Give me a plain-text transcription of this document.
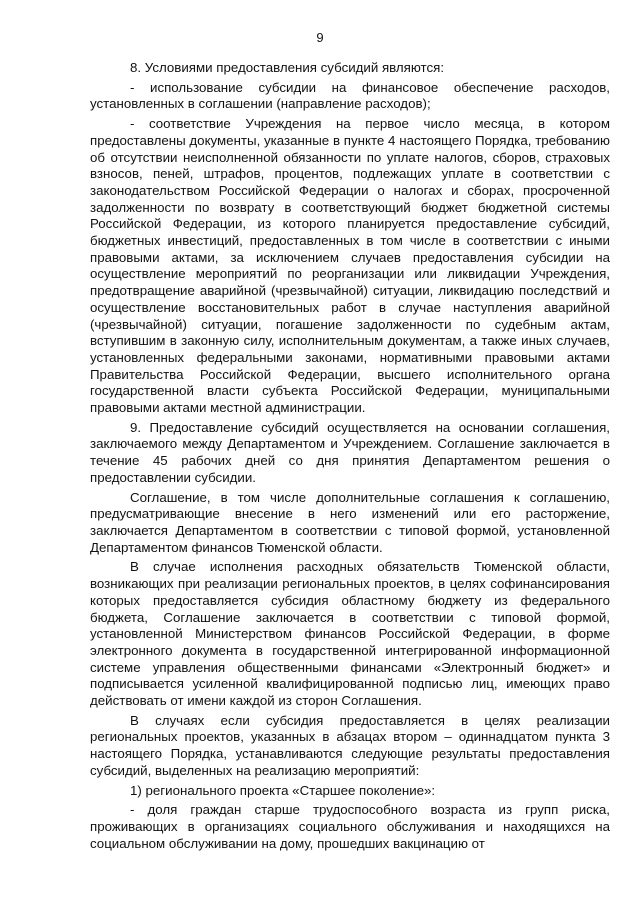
9

8. Условиями предоставления субсидий являются:

- использование субсидии на финансовое обеспечение расходов, установленных в соглашении (направление расходов);

- соответствие Учреждения на первое число месяца, в котором предоставлены документы, указанные в пункте 4 настоящего Порядка, требованию об отсутствии неисполненной обязанности по уплате налогов, сборов, страховых взносов, пеней, штрафов, процентов, подлежащих уплате в соответствии с законодательством Российской Федерации о налогах и сборах, просроченной задолженности по возврату в соответствующий бюджет бюджетной системы Российской Федерации, из которого планируется предоставление субсидий, бюджетных инвестиций, предоставленных в том числе в соответствии с иными правовыми актами, за исключением случаев предоставления субсидии на осуществление мероприятий по реорганизации или ликвидации Учреждения, предотвращение аварийной (чрезвычайной) ситуации, ликвидацию последствий и осуществление восстановительных работ в случае наступления аварийной (чрезвычайной) ситуации, погашение задолженности по судебным актам, вступившим в законную силу, исполнительным документам, а также иных случаев, установленных федеральными законами, нормативными правовыми актами Правительства Российской Федерации, высшего исполнительного органа государственной власти субъекта Российской Федерации, муниципальными правовыми актами местной администрации.

9. Предоставление субсидий осуществляется на основании соглашения, заключаемого между Департаментом и Учреждением. Соглашение заключается в течение 45 рабочих дней со дня принятия Департаментом решения о предоставлении субсидии.

Соглашение, в том числе дополнительные соглашения к соглашению, предусматривающие внесение в него изменений или его расторжение, заключается Департаментом в соответствии с типовой формой, установленной Департаментом финансов Тюменской области.

В случае исполнения расходных обязательств Тюменской области, возникающих при реализации региональных проектов, в целях софинансирования которых предоставляется субсидия областному бюджету из федерального бюджета, Соглашение заключается в соответствии с типовой формой, установленной Министерством финансов Российской Федерации, в форме электронного документа в государственной интегрированной информационной системе управления общественными финансами «Электронный бюджет» и подписывается усиленной квалифицированной подписью лиц, имеющих право действовать от имени каждой из сторон Соглашения.

В случаях если субсидия предоставляется в целях реализации региональных проектов, указанных в абзацах втором – одиннадцатом пункта 3 настоящего Порядка, устанавливаются следующие результаты предоставления субсидий, выделенных на реализацию мероприятий:

1) регионального проекта «Старшее поколение»:

- доля граждан старше трудоспособного возраста из групп риска, проживающих в организациях социального обслуживания и находящихся на социальном обслуживании на дому, прошедших вакцинацию от
